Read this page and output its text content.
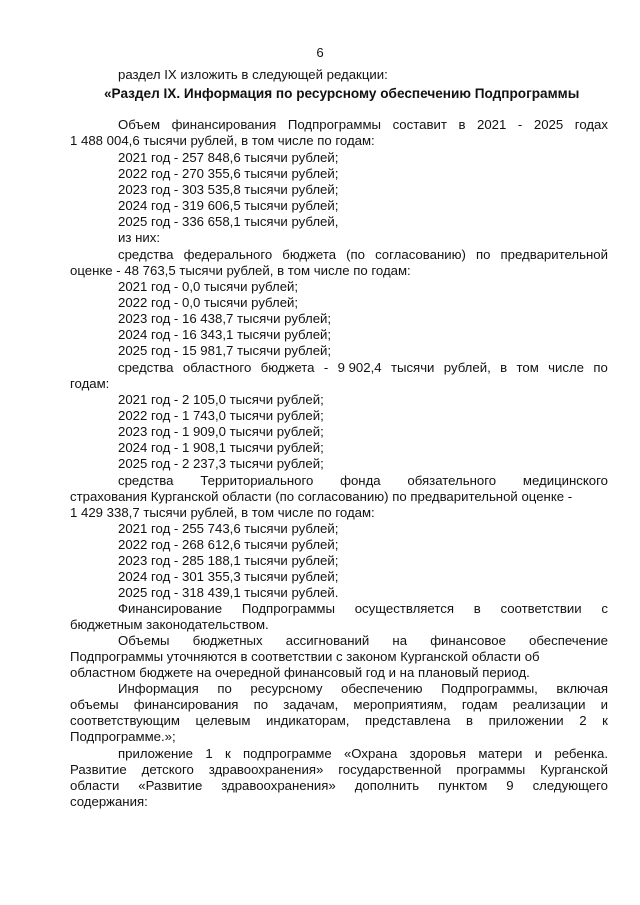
6
раздел IX изложить в следующей редакции:
«Раздел IX. Информация по ресурсному обеспечению Подпрограммы
Объем финансирования Подпрограммы составит в 2021 - 2025 годах
1 488 004,6 тысячи рублей, в том числе по годам:
2021 год - 257 848,6 тысячи рублей;
2022 год - 270 355,6 тысячи рублей;
2023 год - 303 535,8 тысячи рублей;
2024 год - 319 606,5 тысячи рублей;
2025 год - 336 658,1 тысячи рублей,
из них:
средства федерального бюджета (по согласованию) по предварительной
оценке - 48 763,5 тысячи рублей, в том числе по годам:
2021 год - 0,0 тысячи рублей;
2022 год - 0,0 тысячи рублей;
2023 год - 16 438,7 тысячи рублей;
2024 год - 16 343,1 тысячи рублей;
2025 год - 15 981,7 тысячи рублей;
средства областного бюджета - 9 902,4 тысячи рублей, в том числе по
годам:
2021 год - 2 105,0 тысячи рублей;
2022 год - 1 743,0 тысячи рублей;
2023 год - 1 909,0 тысячи рублей;
2024 год - 1 908,1 тысячи рублей;
2025 год - 2 237,3 тысячи рублей;
средства Территориального фонда обязательного медицинского
страхования Курганской области (по согласованию) по предварительной оценке -
1 429 338,7 тысячи рублей, в том числе по годам:
2021 год - 255 743,6 тысячи рублей;
2022 год - 268 612,6 тысячи рублей;
2023 год - 285 188,1 тысячи рублей;
2024 год - 301 355,3 тысячи рублей;
2025 год - 318 439,1 тысячи рублей.
Финансирование Подпрограммы осуществляется в соответствии с
бюджетным законодательством.
Объемы бюджетных ассигнований на финансовое обеспечение
Подпрограммы уточняются в соответствии с законом Курганской области об
областном бюджете на очередной финансовый год и на плановый период.
Информация по ресурсному обеспечению Подпрограммы, включая
объемы финансирования по задачам, мероприятиям, годам реализации и
соответствующим целевым индикаторам, представлена в приложении 2 к
Подпрограмме.»;
приложение 1 к подпрограмме «Охрана здоровья матери и ребенка.
Развитие детского здравоохранения» государственной программы Курганской
области «Развитие здравоохранения» дополнить пунктом 9 следующего
содержания:
